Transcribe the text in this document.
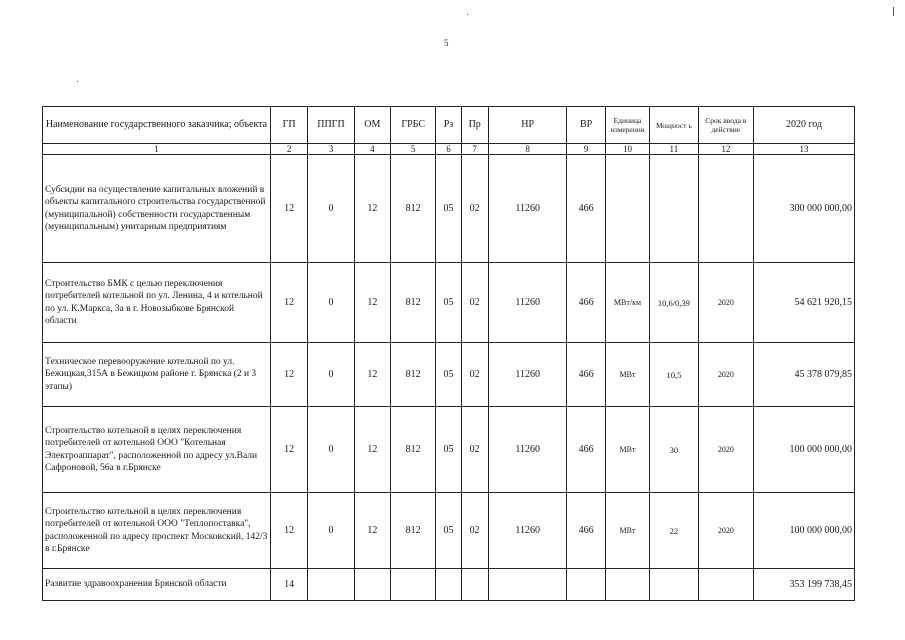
5
Наименование государственного заказчика; объекта	ГП	ППГП	ОМ	ГРБС	Рз	Пр	НР	ВР	Единица измерения	Мощност ь	Срок ввода в действие	2020 год
1	2	3	4	5	6	7	8	9	10	11	12	13
Субсидии на осуществление капитальных вложений в объекты капитального строительства государственной (муниципальной) собственности государственным (муниципальным) унитарным предприятиям	12	0	12	812	05	02	11260	466				300 000 000,00
Строительство БМК с целью переключения потребителей котельной по ул. Ленина, 4 и котельной по ул. К.Маркса, 3а в г. Новозыбкове Брянской области	12	0	12	812	05	02	11260	466	МВт/км	10,6/0,39	2020	54 621 920,15
Техническое перевооружение котельной по ул. Бежицкая,315А в Бежицком районе г. Брянска (2 и 3 этапы)	12	0	12	812	05	02	11260	466	МВт	10,5	2020	45 378 079,85
Строительство котельной в целях переключения потребителей от котельной ООО "Котельная Электроаппарат", расположенной по адресу ул.Вали Сафроновой, 56а в г.Брянске	12	0	12	812	05	02	11260	466	МВт	30	2020	100 000 000,00
Строительство котельной в целях переключения потребителей от котельной ООО "Теплопоставка", расположенной по адресу проспект Московский, 142/3 в г.Брянске	12	0	12	812	05	02	11260	466	МВт	22	2020	100 000 000,00
Развитие здравоохранения Брянской области	14											353 199 738,45
